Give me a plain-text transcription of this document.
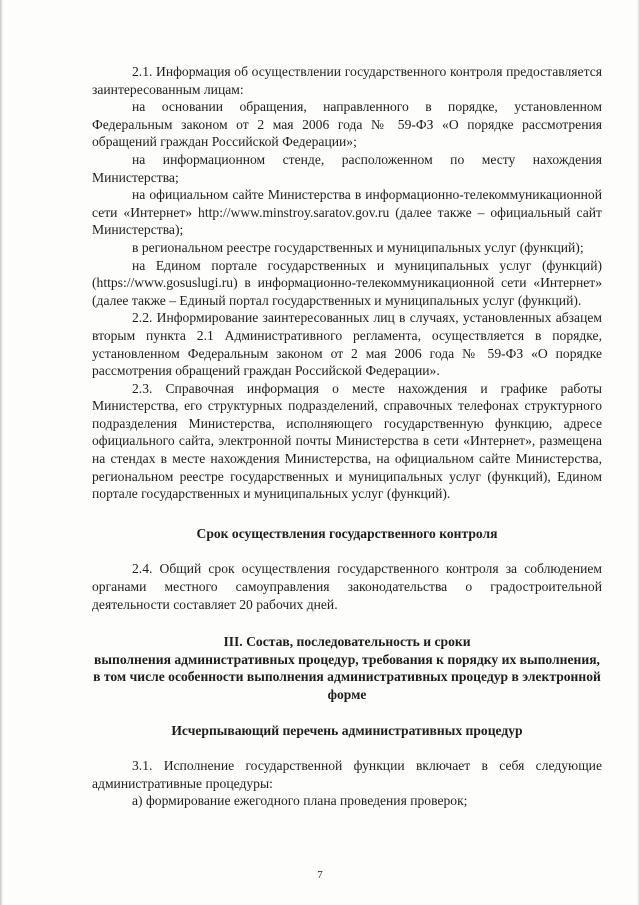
2.1. Информация об осуществлении государственного контроля предоставляется заинтересованным лицам:

на основании обращения, направленного в порядке, установленном Федеральным законом от 2 мая 2006 года № 59-ФЗ «О порядке рассмотрения обращений граждан Российской Федерации»;

на информационном стенде, расположенном по месту нахождения Министерства;

на официальном сайте Министерства в информационно-телекоммуникационной сети «Интернет» http://www.minstroy.saratov.gov.ru (далее также – официальный сайт Министерства);

в региональном реестре государственных и муниципальных услуг (функций);

на Едином портале государственных и муниципальных услуг (функций) (https://www.gosuslugi.ru) в информационно-телекоммуникационной сети «Интернет» (далее также – Единый портал государственных и муниципальных услуг (функций).

2.2. Информирование заинтересованных лиц в случаях, установленных абзацем вторым пункта 2.1 Административного регламента, осуществляется в порядке, установленном Федеральным законом от 2 мая 2006 года № 59-ФЗ «О порядке рассмотрения обращений граждан Российской Федерации».

2.3. Справочная информация о месте нахождения и графике работы Министерства, его структурных подразделений, справочных телефонах структурного подразделения Министерства, исполняющего государственную функцию, адресе официального сайта, электронной почты Министерства в сети «Интернет», размещена на стендах в месте нахождения Министерства, на официальном сайте Министерства, региональном реестре государственных и муниципальных услуг (функций), Едином портале государственных и муниципальных услуг (функций).

Срок осуществления государственного контроля

2.4. Общий срок осуществления государственного контроля за соблюдением органами местного самоуправления законодательства о градостроительной деятельности составляет 20 рабочих дней.

III. Состав, последовательность и сроки
выполнения административных процедур, требования к порядку их выполнения, в том числе особенности выполнения административных процедур в электронной форме
Исчерпывающий перечень административных процедур

3.1. Исполнение государственной функции включает в себя следующие административные процедуры:

а) формирование ежегодного плана проведения проверок;

7
